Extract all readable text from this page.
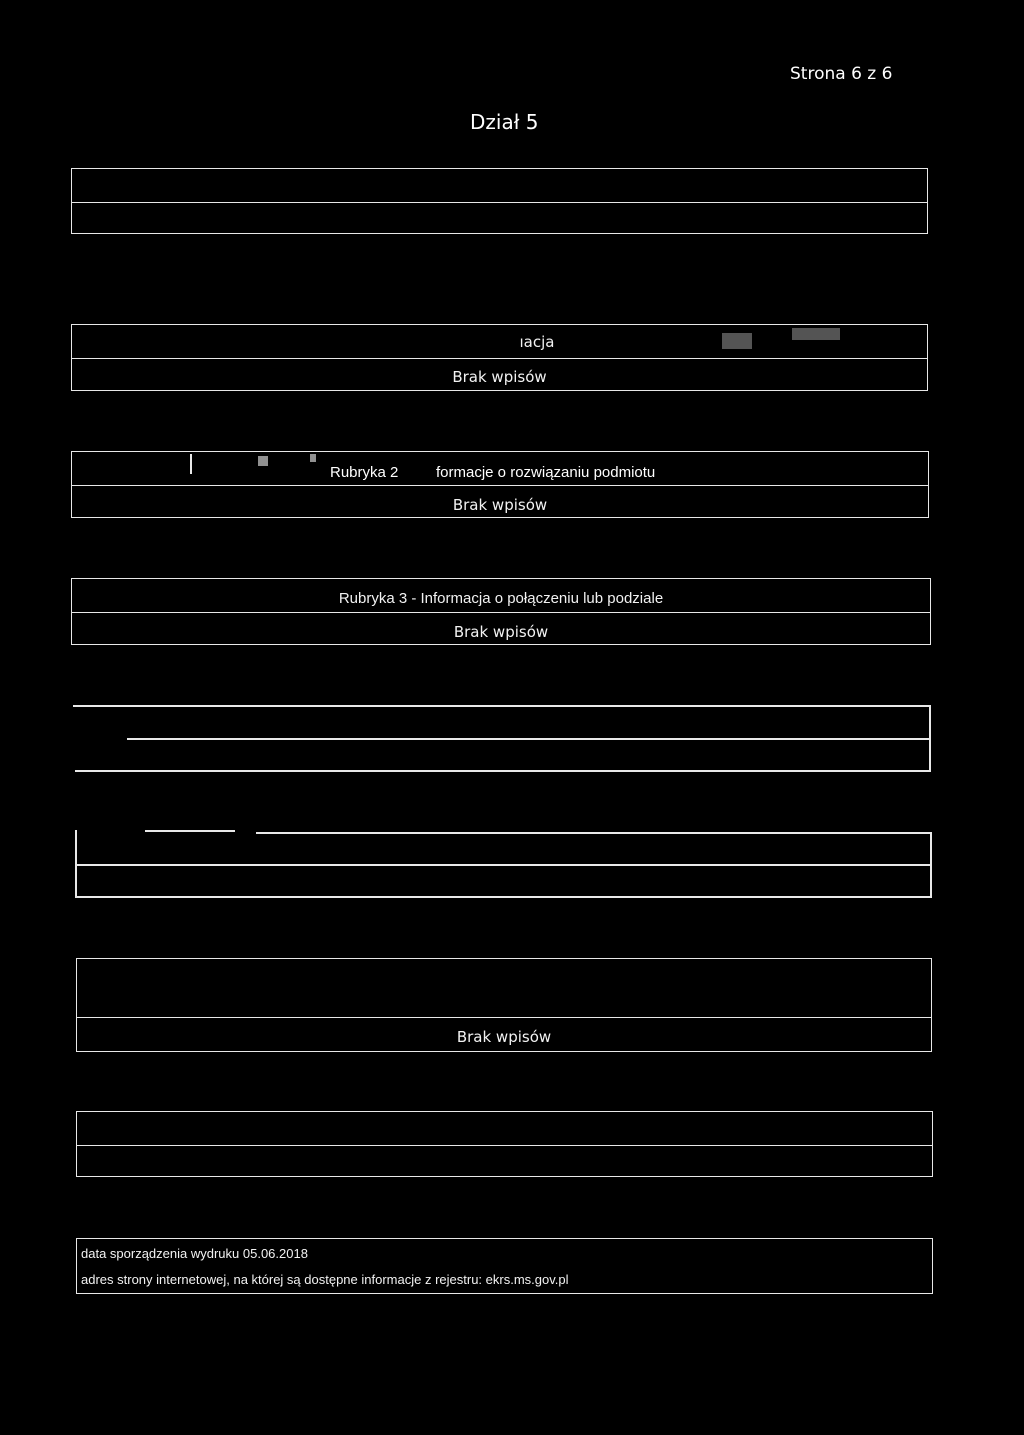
Strona 6 z 6
Dział 5
ıacja
Brak wpisów
Rubryka 2	formacje o rozwiązaniu podmiotu
Brak wpisów
Rubryka 3 - Informacja o połączeniu lub podziale
Brak wpisów
Brak wpisów
data sporządzenia wydruku 05.06.2018
adres strony internetowej, na której są dostępne informacje z rejestru: ekrs.ms.gov.pl
